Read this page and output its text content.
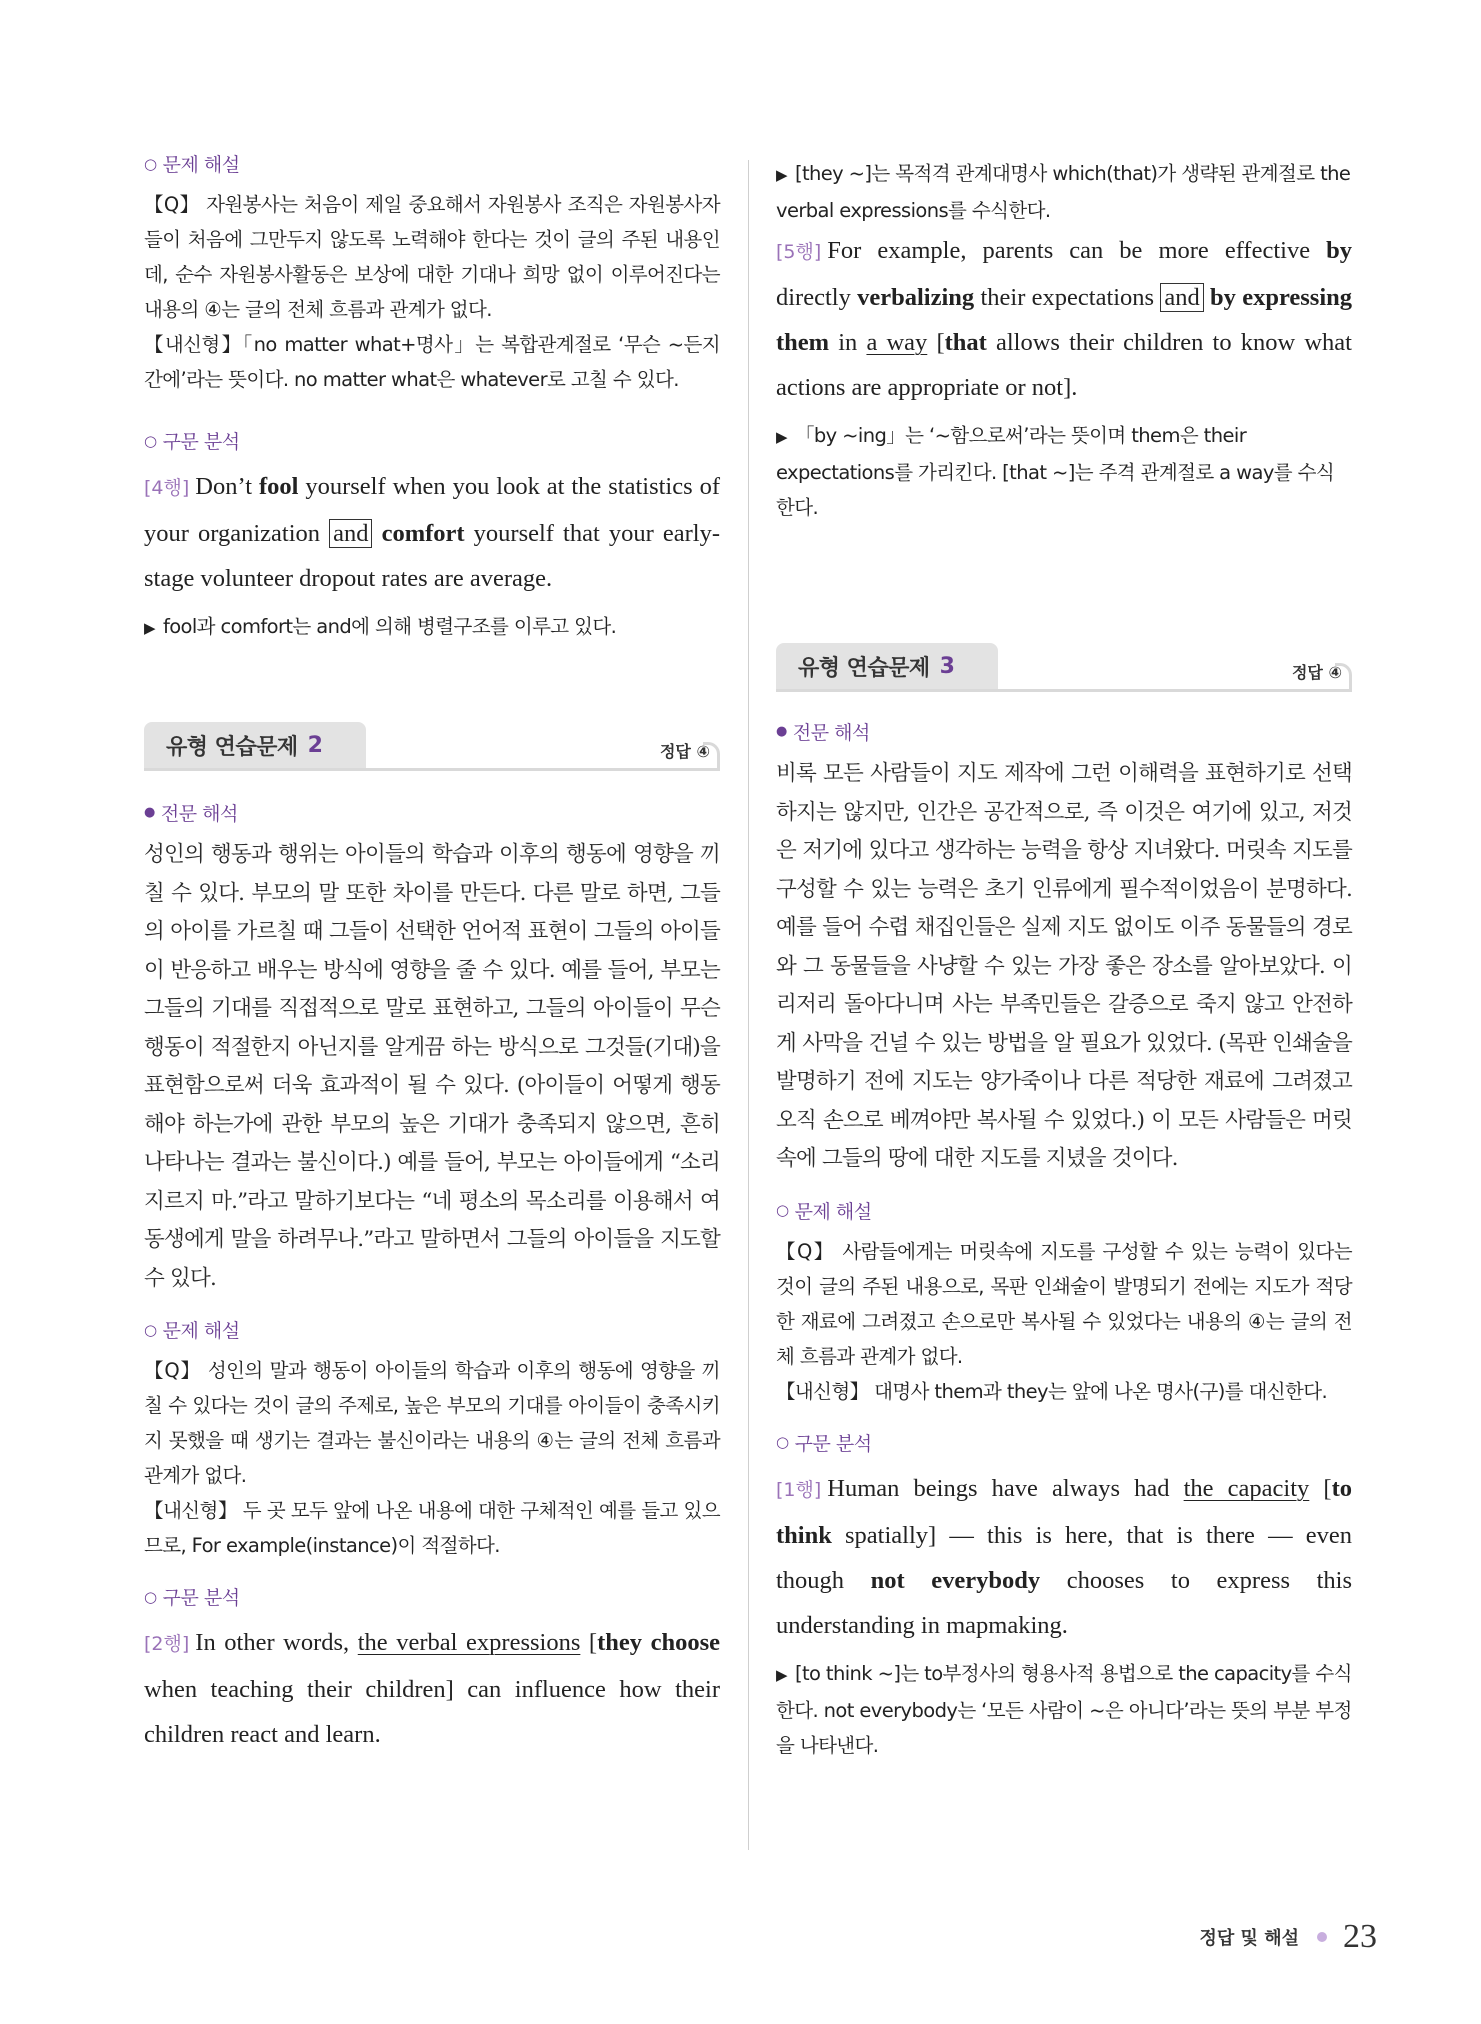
○ 문제 해설

【Q】 자원봉사는 처음이 제일 중요해서 자원봉사 조직은 자원봉사자들이 처음에 그만두지 않도록 노력해야 한다는 것이 글의 주된 내용인데, 순수 자원봉사활동은 보상에 대한 기대나 희망 없이 이루어진다는 내용의 ④는 글의 전체 흐름과 관계가 없다.

【내신형】「no matter what+명사」는 복합관계절로 ‘무슨 ~든지 간에’라는 뜻이다. no matter what은 whatever로 고칠 수 있다.

○ 구문 분석

[4행] Don’t fool yourself when you look at the statistics of your organization and comfort yourself that your early-stage volunteer dropout rates are average.

▶ fool과 comfort는 and에 의해 병렬구조를 이루고 있다.

유형 연습문제 2	정답 ④
● 전문 해석

성인의 행동과 행위는 아이들의 학습과 이후의 행동에 영향을 끼칠 수 있다. 부모의 말 또한 차이를 만든다. 다른 말로 하면, 그들의 아이를 가르칠 때 그들이 선택한 언어적 표현이 그들의 아이들이 반응하고 배우는 방식에 영향을 줄 수 있다. 예를 들어, 부모는 그들의 기대를 직접적으로 말로 표현하고, 그들의 아이들이 무슨 행동이 적절한지 아닌지를 알게끔 하는 방식으로 그것들(기대)을 표현함으로써 더욱 효과적이 될 수 있다. (아이들이 어떻게 행동해야 하는가에 관한 부모의 높은 기대가 충족되지 않으면, 흔히 나타나는 결과는 불신이다.) 예를 들어, 부모는 아이들에게 “소리 지르지 마.”라고 말하기보다는 “네 평소의 목소리를 이용해서 여동생에게 말을 하려무나.”라고 말하면서 그들의 아이들을 지도할 수 있다.

○ 문제 해설

【Q】 성인의 말과 행동이 아이들의 학습과 이후의 행동에 영향을 끼칠 수 있다는 것이 글의 주제로, 높은 부모의 기대를 아이들이 충족시키지 못했을 때 생기는 결과는 불신이라는 내용의 ④는 글의 전체 흐름과 관계가 없다.

【내신형】 두 곳 모두 앞에 나온 내용에 대한 구체적인 예를 들고 있으므로, For example(instance)이 적절하다.

○ 구문 분석

[2행] In other words, the verbal expressions [they choose when teaching their children] can influence how their children react and learn.

▶ [they ~]는 목적격 관계대명사 which(that)가 생략된 관계절로 the verbal expressions를 수식한다.

[5행] For example, parents can be more effective by directly verbalizing their expectations and by expressing them in a way [that allows their children to know what actions are appropriate or not].

▶ 「by ~ing」는 ‘~함으로써’라는 뜻이며 them은 their expectations를 가리킨다. [that ~]는 주격 관계절로 a way를 수식한다.

유형 연습문제 3	정답 ④
● 전문 해석

비록 모든 사람들이 지도 제작에 그런 이해력을 표현하기로 선택하지는 않지만, 인간은 공간적으로, 즉 이것은 여기에 있고, 저것은 저기에 있다고 생각하는 능력을 항상 지녀왔다. 머릿속 지도를 구성할 수 있는 능력은 초기 인류에게 필수적이었음이 분명하다. 예를 들어 수렵 채집인들은 실제 지도 없이도 이주 동물들의 경로와 그 동물들을 사냥할 수 있는 가장 좋은 장소를 알아보았다. 이리저리 돌아다니며 사는 부족민들은 갈증으로 죽지 않고 안전하게 사막을 건널 수 있는 방법을 알 필요가 있었다. (목판 인쇄술을 발명하기 전에 지도는 양가죽이나 다른 적당한 재료에 그려졌고 오직 손으로 베껴야만 복사될 수 있었다.) 이 모든 사람들은 머릿속에 그들의 땅에 대한 지도를 지녔을 것이다.

○ 문제 해설

【Q】 사람들에게는 머릿속에 지도를 구성할 수 있는 능력이 있다는 것이 글의 주된 내용으로, 목판 인쇄술이 발명되기 전에는 지도가 적당한 재료에 그려졌고 손으로만 복사될 수 있었다는 내용의 ④는 글의 전체 흐름과 관계가 없다.

【내신형】 대명사 them과 they는 앞에 나온 명사(구)를 대신한다.

○ 구문 분석

[1행] Human beings have always had the capacity [to think spatially] — this is here, that is there — even though not everybody chooses to express this understanding in mapmaking.

▶ [to think ~]는 to부정사의 형용사적 용법으로 the capacity를 수식한다. not everybody는 ‘모든 사람이 ~은 아니다’라는 뜻의 부분 부정을 나타낸다.

정답 및 해설 23
